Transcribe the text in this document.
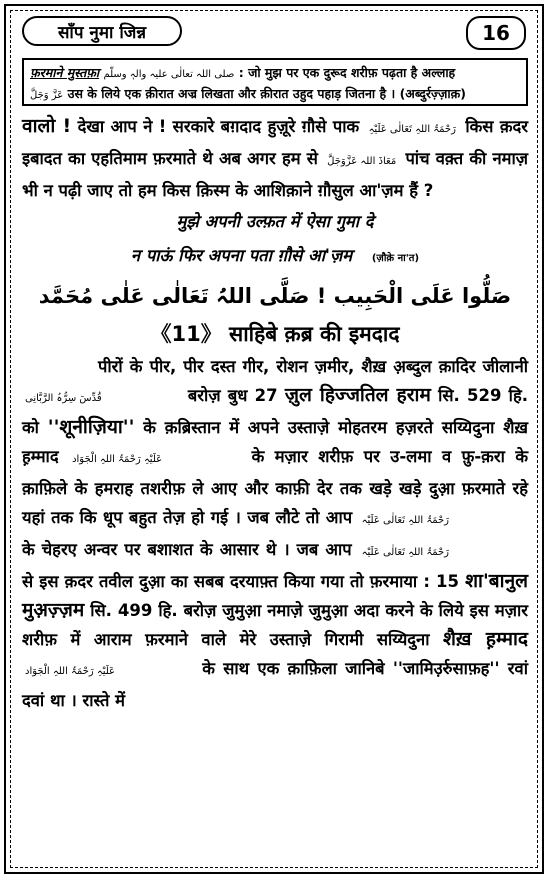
साँप नुमा जिन्न	16
फ़रमाने मुस्तफ़ा صلی اللہ تعالٰی علیہ والہٖ وسلّم : जो मुझ पर एक दुरूद शरीफ़ पढ़ता है अल्लाह
عَزَّ وَجَلَّ उस के लिये एक क़ीरात अज्र लिखता और क़ीरात उहुद पहाड़ जितना है । (अब्दुर्रज़्ज़ाक़)

वालो ! देखा आप ने ! सरकारे बग़दाद हुज़ूरे ग़ौसे पाक رَحْمَۃُ اللہِ تَعَالٰی عَلَیْہِ किस क़दर इबादत का एहतिमाम फ़रमाते थे अब अगर हम से مَعَاذَ اللہ عَزَّوَجَلَّ पांच वक़्त की नमाज़ भी न पढ़ी जाए तो हम किस क़िस्म के आशिक़ाने ग़ौसुल आ'ज़म हैं ?

मुझे अपनी उल्फ़त में ऐसा गुमा दे
न पाऊं फिर अपना पता ग़ौसे आ'ज़म (ज़ौक़े ना'त)
صَلُّوا عَلَی الْحَبِیب ! صَلَّی اللہُ تَعَالٰی عَلٰی مُحَمَّد
《11》 साहिबे क़ब्र की इमदाद

पीरों के पीर, पीर दस्त गीर, रोशन ज़मीर, शैख़ अ़ब्दुल क़ादिर जीलानी قُدِّسَ سِرُّہُ الرَّبَّانِی	बरोज़ बुध 27 ज़ुल हिज्जतिल हराम सि. 529 हि. को ''शूनीज़िया'' के क़ब्रिस्तान में अपने उस्ताज़े मोहतरम हज़रते सय्यिदुना शैख़ ह़म्माद عَلَیْہِ رَحْمَۃُ اللہِ الْجَوَاد	के मज़ार शरीफ़ पर उ-लमा व फ़ु-क़रा के क़ाफ़िले के हमराह तशरीफ़ ले आए और काफ़ी देर तक खड़े खड़े दुआ़ फ़रमाते रहे यहां तक कि धूप बहुत तेज़ हो गई । जब लौटे तो आप رَحْمَۃُ اللہِ تَعَالٰی عَلَیْہ के चेहरए अन्वर पर बशाशत के आसार थे । जब आप رَحْمَۃُ اللہِ تَعَالٰی عَلَیْہ से इस क़दर तवील दुआ़ का सबब दरयाफ़्त किया गया तो फ़रमाया : 15 शा'बानुल मुअ़ज़्ज़म सि. 499 हि. बरोज़ जुमुआ़ नमाज़े जुमुआ़ अदा करने के लिये इस मज़ार शरीफ़ में आराम फ़रमाने वाले मेरे उस्ताज़े गिरामी सय्यिदुना शैख़ ह़म्माद عَلَیْہِ رَحْمَۃُ اللہِ الْجَوَاد	के साथ एक क़ाफ़िला जानिबे ''जामिउ़र्रुसाफ़ह'' रवां दवां था । रास्ते में
